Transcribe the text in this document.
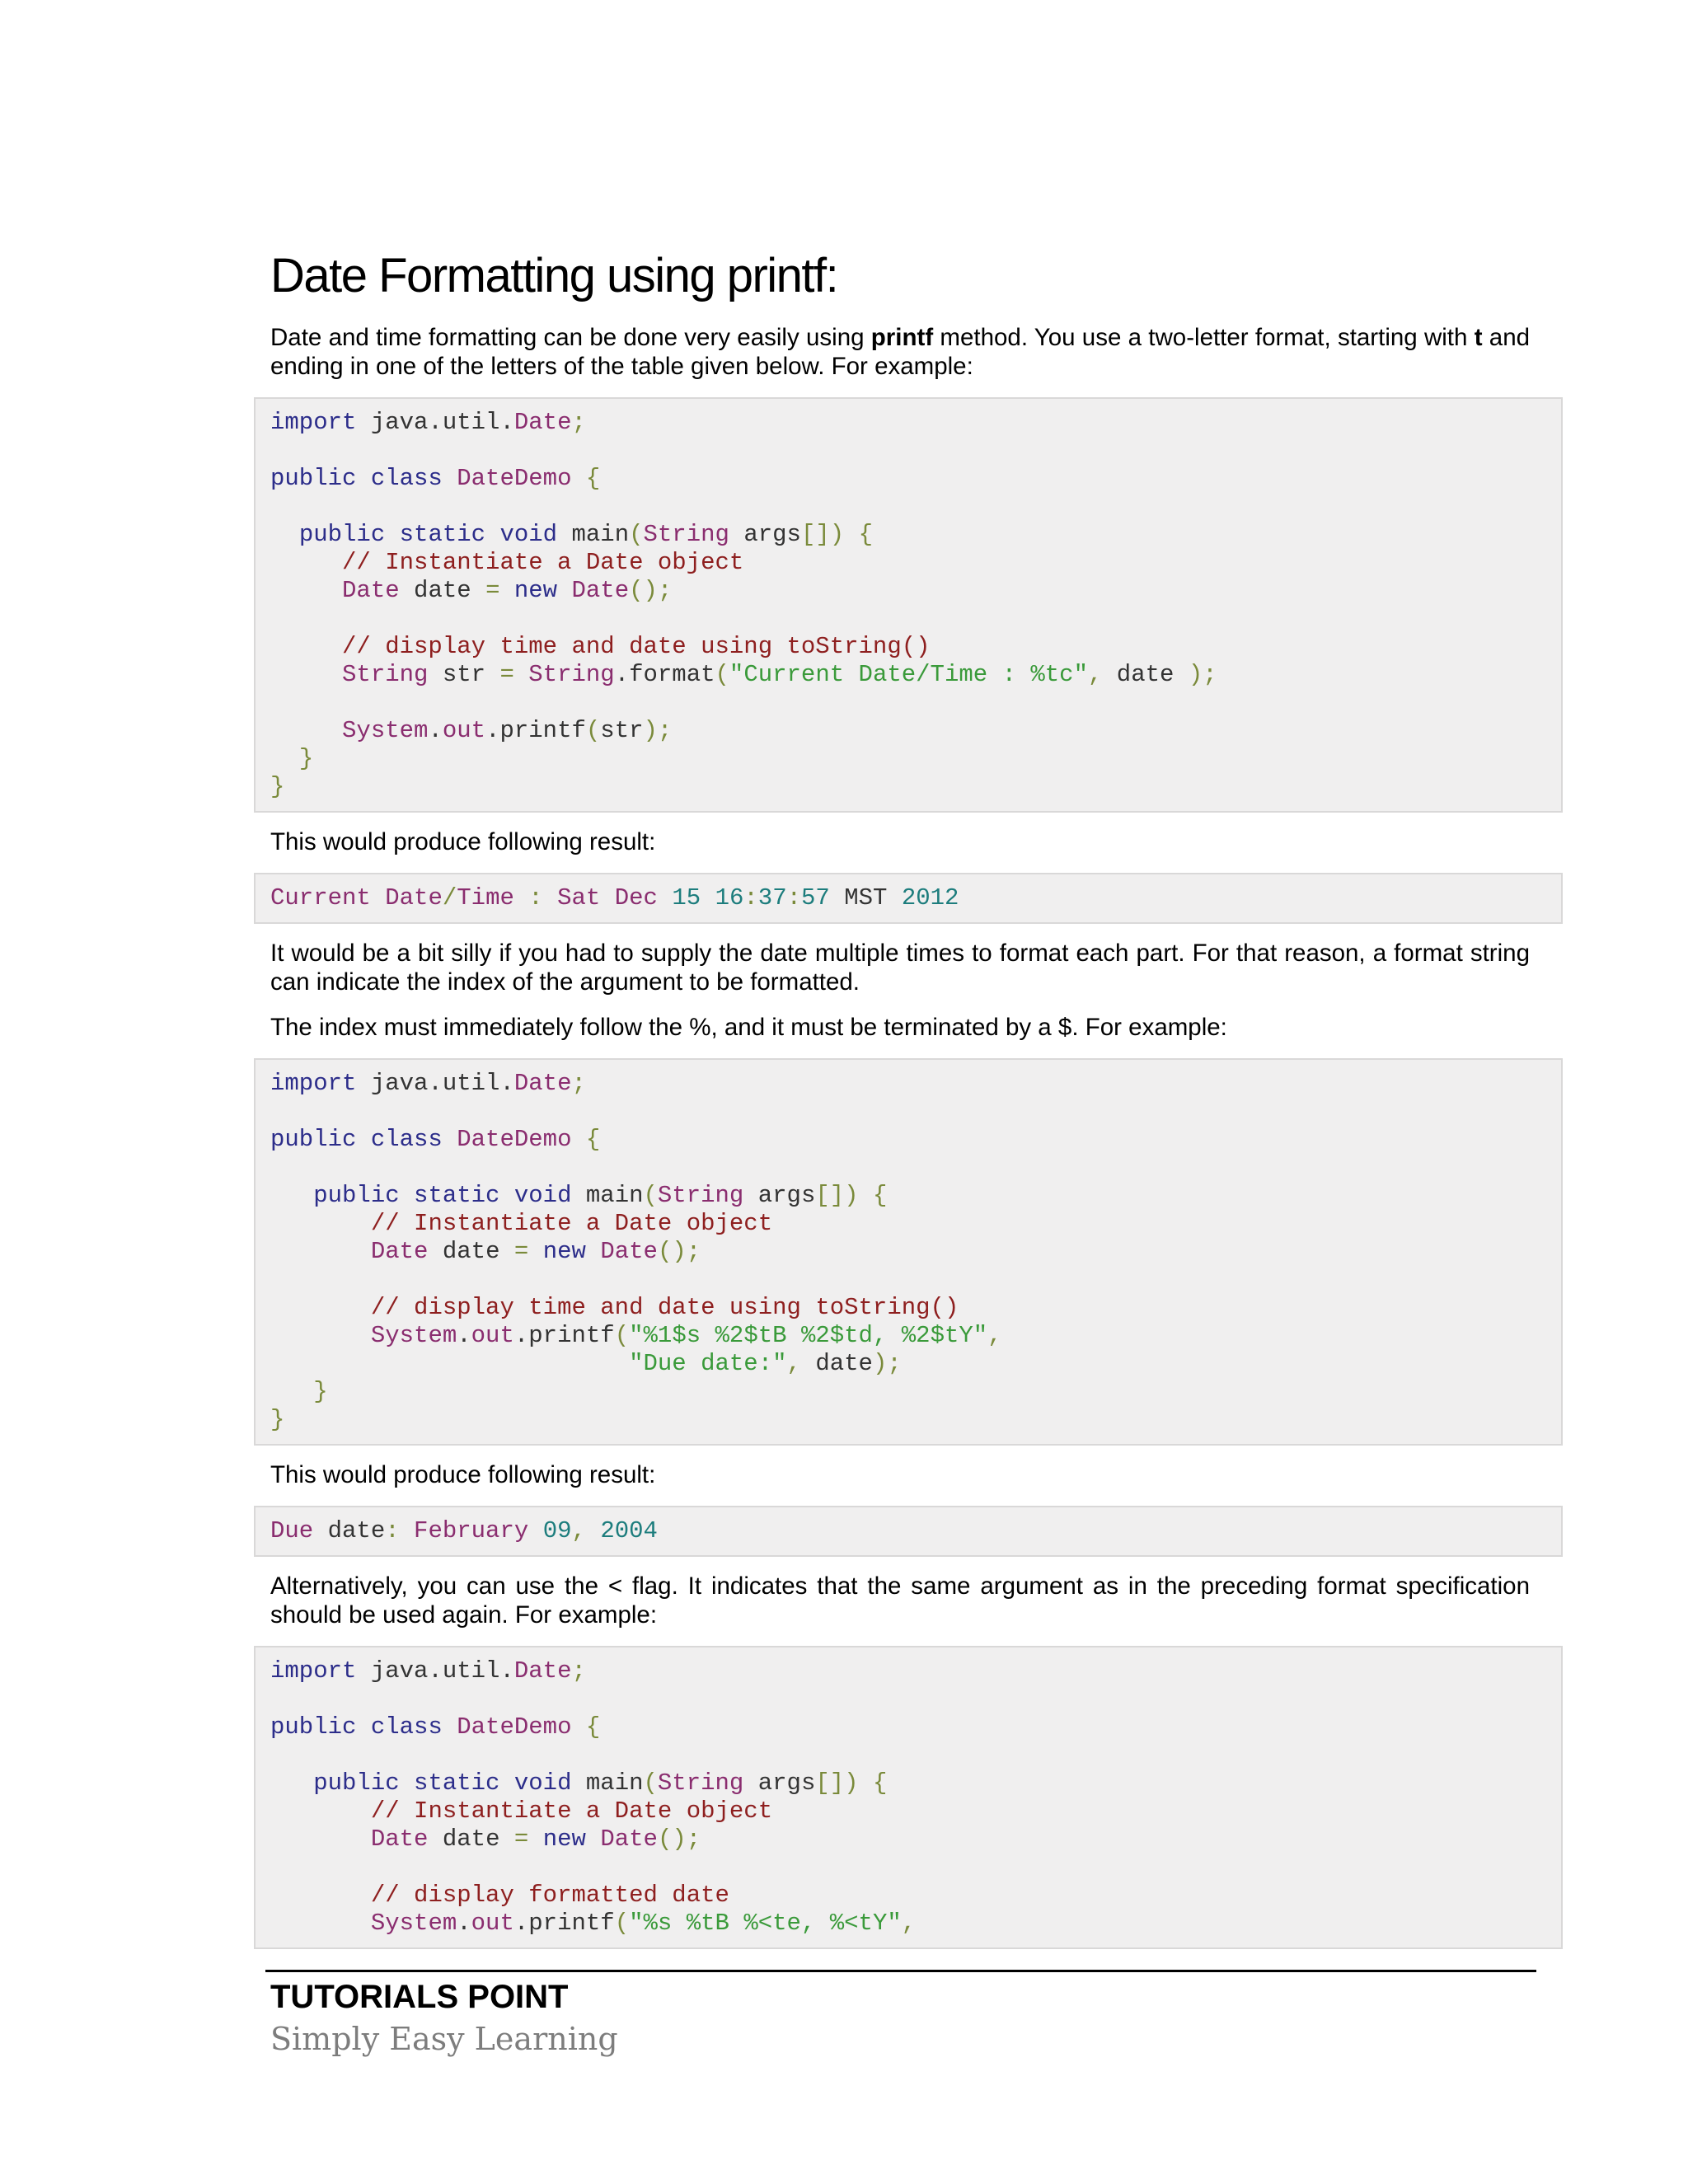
Date Formatting using printf:

Date and time formatting can be done very easily using printf method. You use a two-letter format, starting with t and ending in one of the letters of the table given below. For example:

import java.util.Date;
public class DateDemo {
public static void main(String args[]) {
// Instantiate a Date object
Date date = new Date();
// display time and date using toString()
String str = String.format("Current Date/Time : %tc", date );
System.out.printf(str);
}
}

This would produce following result:

Current Date/Time : Sat Dec 15 16:37:57 MST 2012

It would be a bit silly if you had to supply the date multiple times to format each part. For that reason, a format string can indicate the index of the argument to be formatted.

The index must immediately follow the %, and it must be terminated by a $. For example:

import java.util.Date;
public class DateDemo {
public static void main(String args[]) {
// Instantiate a Date object
Date date = new Date();
// display time and date using toString()
System.out.printf("%1$s %2$tB %2$td, %2$tY",
"Due date:", date);
}
}

This would produce following result:

Due date: February 09, 2004

Alternatively, you can use the < flag. It indicates that the same argument as in the preceding format specification should be used again. For example:

import java.util.Date;
public class DateDemo {
public static void main(String args[]) {
// Instantiate a Date object
Date date = new Date();
// display formatted date
System.out.printf("%s %tB %<te, %<tY",
TUTORIALS POINT
Simply Easy Learning
